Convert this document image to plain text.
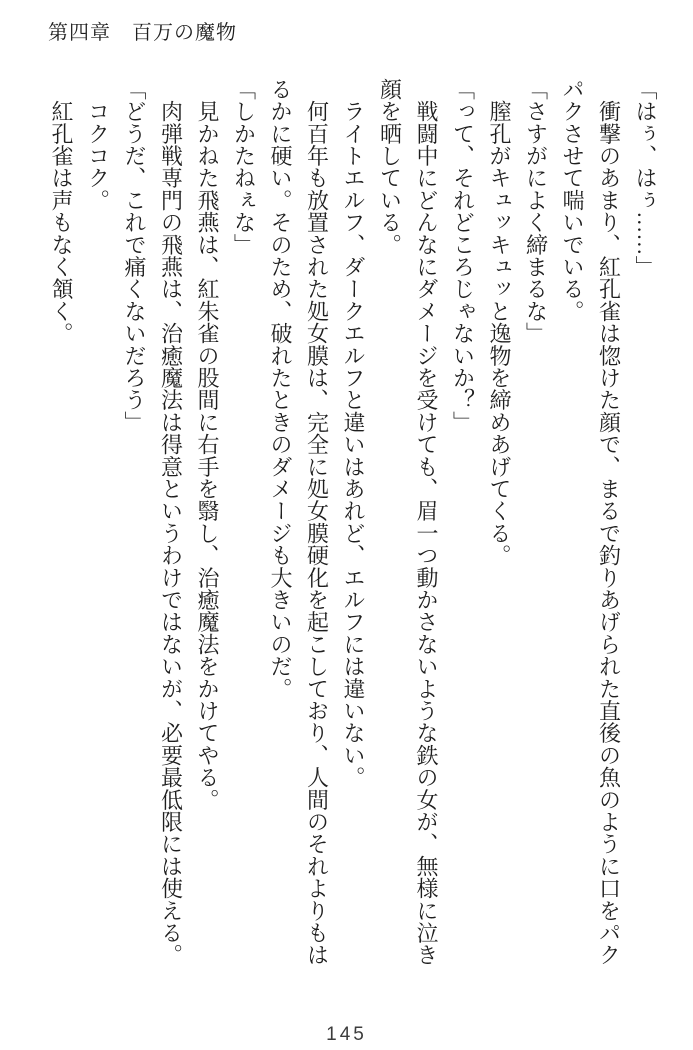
第四章　百万の魔物
「はぅ、はぅ……」
　衝撃のあまり、紅孔雀は惚けた顔で、まるで釣りあげられた直後の魚のように口をパク
パクさせて喘いでいる。
「さすがによく締まるな」
　膣孔がキュッキュッと逸物を締めあげてくる。
「って、それどころじゃないか？」
　戦闘中にどんなにダメージを受けても、眉一つ動かさないような鉄の女が、無様に泣き
顔を晒している。
　ライトエルフ、ダークエルフと違いはあれど、エルフには違いない。
　何百年も放置された処女膜は、完全に処女膜硬化を起こしており、人間のそれよりもは
るかに硬い。そのため、破れたときのダメージも大きいのだ。
「しかたねぇな」
　見かねた飛燕は、紅朱雀の股間に右手を翳し、治癒魔法をかけてやる。
　肉弾戦専門の飛燕は、治癒魔法は得意というわけではないが、必要最低限には使える。
「どうだ、これで痛くないだろう」
　コクコク。
　紅孔雀は声もなく頷く。
145
